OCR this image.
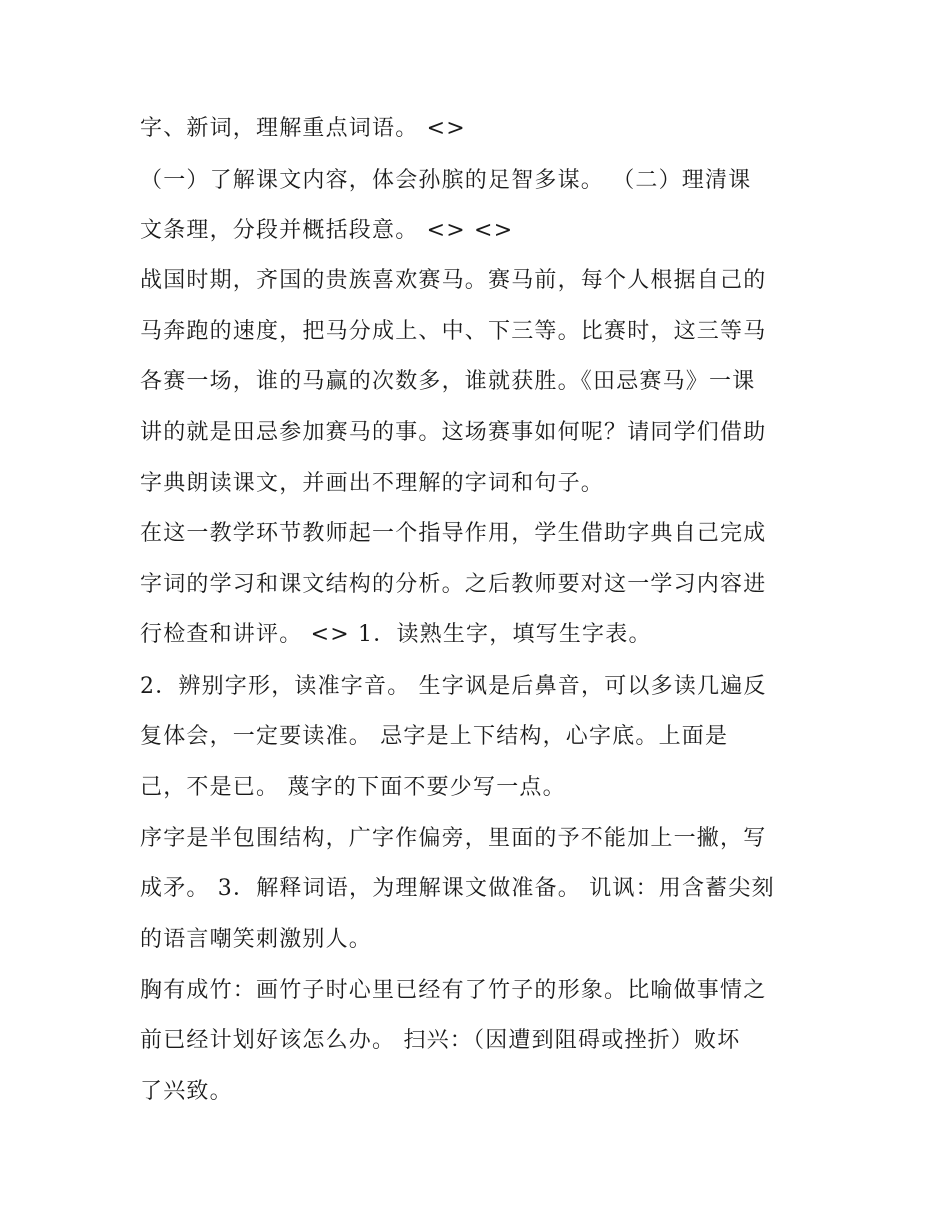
字、新词，理解重点词语。 <>

（一）了解课文内容，体会孙膑的足智多谋。 （二）理清课

文条理，分段并概括段意。 <> <>

战国时期，齐国的贵族喜欢赛马。赛马前，每个人根据自己的

马奔跑的速度，把马分成上、中、下三等。比赛时，这三等马

各赛一场，谁的马赢的次数多，谁就获胜。《田忌赛马》一课

讲的就是田忌参加赛马的事。这场赛事如何呢？请同学们借助

字典朗读课文，并画出不理解的字词和句子。

在这一教学环节教师起一个指导作用，学生借助字典自己完成

字词的学习和课文结构的分析。之后教师要对这一学习内容进

行检查和讲评。 <> 1．读熟生字，填写生字表。

2．辨别字形，读准字音。 生字讽是后鼻音，可以多读几遍反

复体会，一定要读准。 忌字是上下结构，心字底。上面是

己，不是已。 蔑字的下面不要少写一点。

序字是半包围结构，广字作偏旁，里面的予不能加上一撇，写

成矛。 3．解释词语，为理解课文做准备。 讥讽：用含蓄尖刻

的语言嘲笑刺激别人。

胸有成竹：画竹子时心里已经有了竹子的形象。比喻做事情之

前已经计划好该怎么办。 扫兴：（因遭到阻碍或挫折）败坏

了兴致。
